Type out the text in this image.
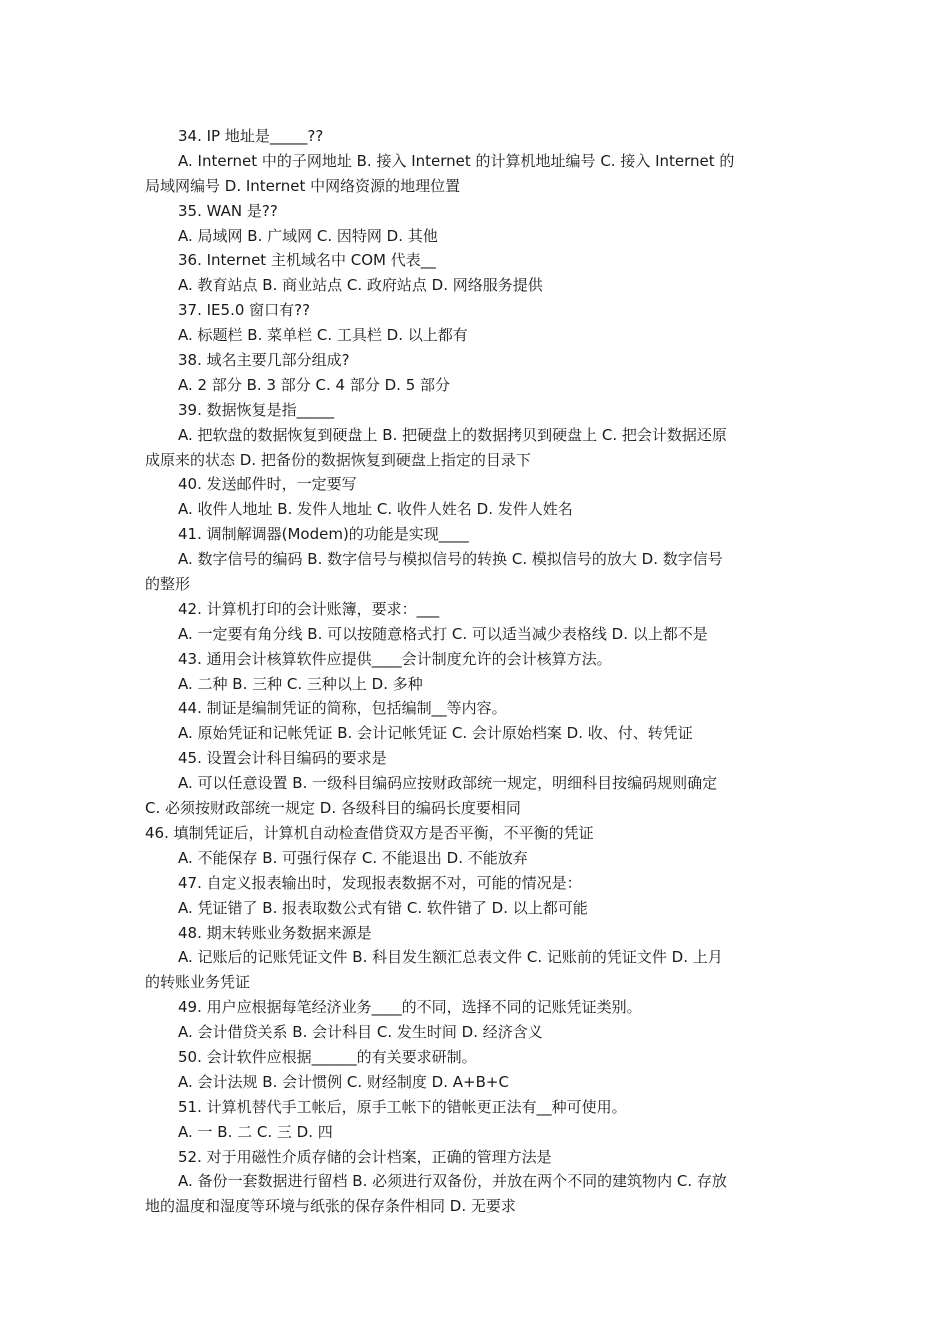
34. IP 地址是_____??
A. Internet 中的子网地址 B. 接入 Internet 的计算机地址编号 C. 接入 Internet 的
局域网编号 D. Internet 中网络资源的地理位置
35. WAN 是??
A. 局域网 B. 广域网 C. 因特网 D. 其他
36. Internet 主机域名中 COM 代表__
A. 教育站点 B. 商业站点 C. 政府站点 D. 网络服务提供
37. IE5.0 窗口有??
A. 标题栏 B. 菜单栏 C. 工具栏 D. 以上都有
38. 域名主要几部分组成?
A. 2 部分 B. 3 部分 C. 4 部分 D. 5 部分
39. 数据恢复是指_____
A. 把软盘的数据恢复到硬盘上 B. 把硬盘上的数据拷贝到硬盘上 C. 把会计数据还原
成原来的状态 D. 把备份的数据恢复到硬盘上指定的目录下
40. 发送邮件时，一定要写
A. 收件人地址 B. 发件人地址 C. 收件人姓名 D. 发件人姓名
41. 调制解调器(Modem)的功能是实现____
A. 数字信号的编码 B. 数字信号与模拟信号的转换 C. 模拟信号的放大 D. 数字信号
的整形
42. 计算机打印的会计账簿，要求：___
A. 一定要有角分线 B. 可以按随意格式打 C. 可以适当减少表格线 D. 以上都不是
43. 通用会计核算软件应提供____会计制度允许的会计核算方法。
A. 二种 B. 三种 C. 三种以上 D. 多种
44. 制证是编制凭证的简称，包括编制__等内容。
A. 原始凭证和记帐凭证 B. 会计记帐凭证 C. 会计原始档案 D. 收、付、转凭证
45. 设置会计科目编码的要求是
A. 可以任意设置 B. 一级科目编码应按财政部统一规定，明细科目按编码规则确定
C. 必须按财政部统一规定 D. 各级科目的编码长度要相同
46. 填制凭证后，计算机自动检查借贷双方是否平衡，不平衡的凭证
A. 不能保存 B. 可强行保存 C. 不能退出 D. 不能放弃
47. 自定义报表输出时，发现报表数据不对，可能的情况是：
A. 凭证错了 B. 报表取数公式有错 C. 软件错了 D. 以上都可能
48. 期末转账业务数据来源是
A. 记账后的记账凭证文件 B. 科目发生额汇总表文件 C. 记账前的凭证文件 D. 上月
的转账业务凭证
49. 用户应根据每笔经济业务____的不同，选择不同的记账凭证类别。
A. 会计借贷关系 B. 会计科目 C. 发生时间 D. 经济含义
50. 会计软件应根据______的有关要求研制。
A. 会计法规 B. 会计惯例 C. 财经制度 D. A+B+C
51. 计算机替代手工帐后，原手工帐下的错帐更正法有__种可使用。
A. 一 B. 二 C. 三 D. 四
52. 对于用磁性介质存储的会计档案，正确的管理方法是
A. 备份一套数据进行留档 B. 必须进行双备份，并放在两个不同的建筑物内 C. 存放
地的温度和湿度等环境与纸张的保存条件相同 D. 无要求
